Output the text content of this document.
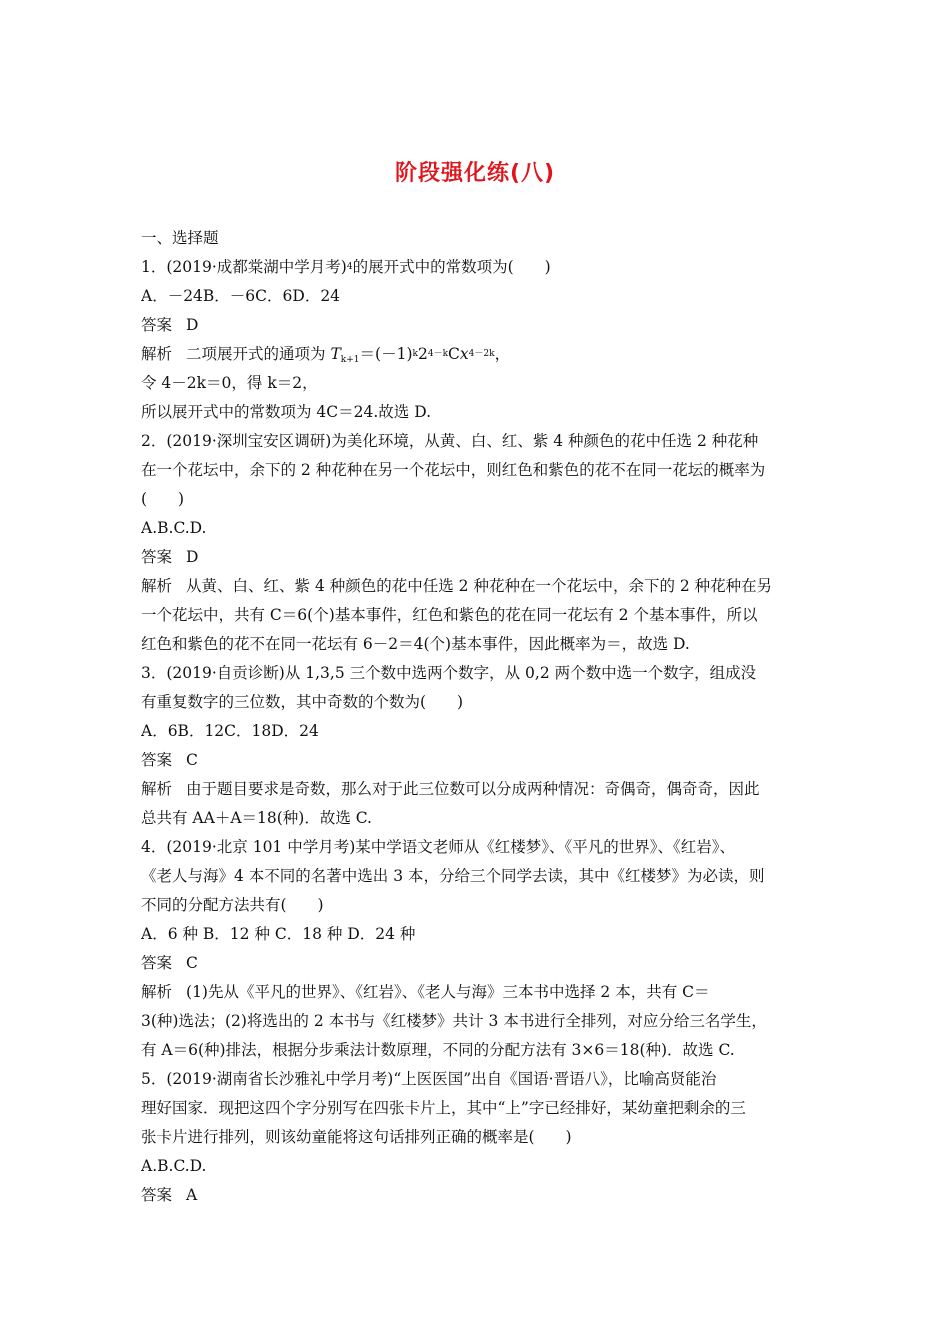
阶段强化练(八)
一、选择题
1．(2019·成都棠湖中学月考)$^4$的展开式中的常数项为(　　)
A．－24B．－6C．6D．24
答案 D
解析 二项展开式的通项为 $T_{k+1}=(-1)^k2^{4-k}Cx^{4-2k}$，
令 4－2k＝0，得 k＝2，
所以展开式中的常数项为 4C＝24.故选 D.
2．(2019·深圳宝安区调研)为美化环境，从黄、白、红、紫 4 种颜色的花中任选 2 种花种
在一个花坛中，余下的 2 种花种在另一个花坛中，则红色和紫色的花不在同一花坛的概率为
(　　)
A.B.C.D.
答案 D
解析 从黄、白、红、紫 4 种颜色的花中任选 2 种花种在一个花坛中，余下的 2 种花种在另
一个花坛中，共有 C＝6(个)基本事件，红色和紫色的花在同一花坛有 2 个基本事件，所以
红色和紫色的花不在同一花坛有 6－2＝4(个)基本事件，因此概率为＝，故选 D.
3．(2019·自贡诊断)从 1,3,5 三个数中选两个数字，从 0,2 两个数中选一个数字，组成没
有重复数字的三位数，其中奇数的个数为(　　)
A．6B．12C．18D．24
答案 C
解析 由于题目要求是奇数，那么对于此三位数可以分成两种情况：奇偶奇，偶奇奇，因此
总共有 AA＋A＝18(种)．故选 C.
4．(2019·北京 101 中学月考)某中学语文老师从《红楼梦》、《平凡的世界》、《红岩》、
《老人与海》4 本不同的名著中选出 3 本，分给三个同学去读，其中《红楼梦》为必读，则
不同的分配方法共有(　　)
A．6 种 B．12 种 C．18 种 D．24 种
答案 C
解析 (1)先从《平凡的世界》、《红岩》、《老人与海》三本书中选择 2 本，共有 C＝
3(种)选法；(2)将选出的 2 本书与《红楼梦》共计 3 本书进行全排列，对应分给三名学生，
有 A＝6(种)排法，根据分步乘法计数原理，不同的分配方法有 3×6＝18(种)．故选 C.
5．(2019·湖南省长沙雅礼中学月考)“上医医国”出自《国语·晋语八》，比喻高贤能治
理好国家．现把这四个字分别写在四张卡片上，其中“上”字已经排好，某幼童把剩余的三
张卡片进行排列，则该幼童能将这句话排列正确的概率是(　　)
A.B.C.D.
答案 A
